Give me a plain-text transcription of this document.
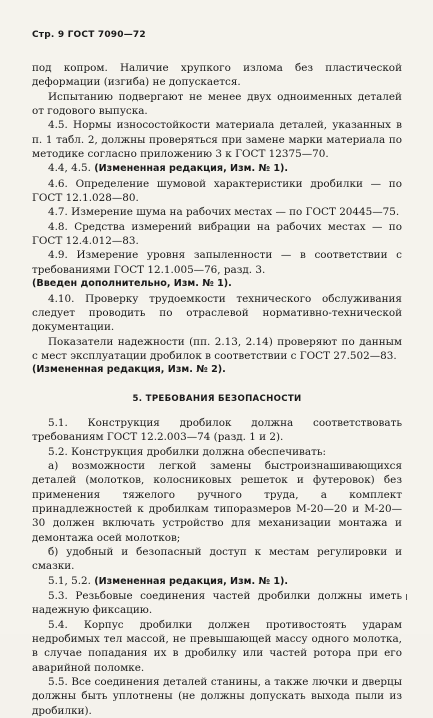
Стр. 9 ГОСТ 7090—72

под копром. Наличие хрупкого излома без пластической деформации (изгиба) не допускается.

Испытанию подвергают не менее двух одноименных деталей от годового выпуска.

4.5. Нормы износостойкости материала деталей, указанных в п. 1 табл. 2, должны проверяться при замене марки материала по методике согласно приложению 3 к ГОСТ 12375—70.

4.4, 4.5. (Измененная редакция, Изм. № 1).

4.6. Определение шумовой характеристики дробилки — по ГОСТ 12.1.028—80.

4.7. Измерение шума на рабочих местах — по ГОСТ 20445—75.

4.8. Средства измерений вибрации на рабочих местах — по ГОСТ 12.4.012—83.

4.9. Измерение уровня запыленности — в соответствии с требованиями ГОСТ 12.1.005—76, разд. 3.

(Введен дополнительно, Изм. № 1).

4.10. Проверку трудоемкости технического обслуживания следует проводить по отраслевой нормативно-технической документации.

Показатели надежности (пп. 2.13, 2.14) проверяют по данным с мест эксплуатации дробилок в соответствии с ГОСТ 27.502—83.

(Измененная редакция, Изм. № 2).

5. ТРЕБОВАНИЯ БЕЗОПАСНОСТИ

5.1. Конструкция дробилок должна соответствовать требованиям ГОСТ 12.2.003—74 (разд. 1 и 2).

5.2. Конструкция дробилки должна обеспечивать:

а) возможности легкой замены быстроизнашивающихся деталей (молотков, колосниковых решеток и футеровок) без применения тяжелого ручного труда, а комплект принадлежностей к дробилкам типоразмеров М-20—20 и М-20—30 должен включать устройство для механизации монтажа и демонтажа осей молотков;

б) удобный и безопасный доступ к местам регулировки и смазки.

5.1, 5.2. (Измененная редакция, Изм. № 1).

5.3. Резьбовые соединения частей дробилки должны иметь надежную фиксацию.

5.4. Корпус дробилки должен противостоять ударам недробимых тел массой, не превышающей массу одного молотка, в случае попадания их в дробилку или частей ротора при его аварийной поломке.

5.5. Все соединения деталей станины, а также лючки и дверцы должны быть уплотнены (не должны допускать выхода пыли из дробилки).
